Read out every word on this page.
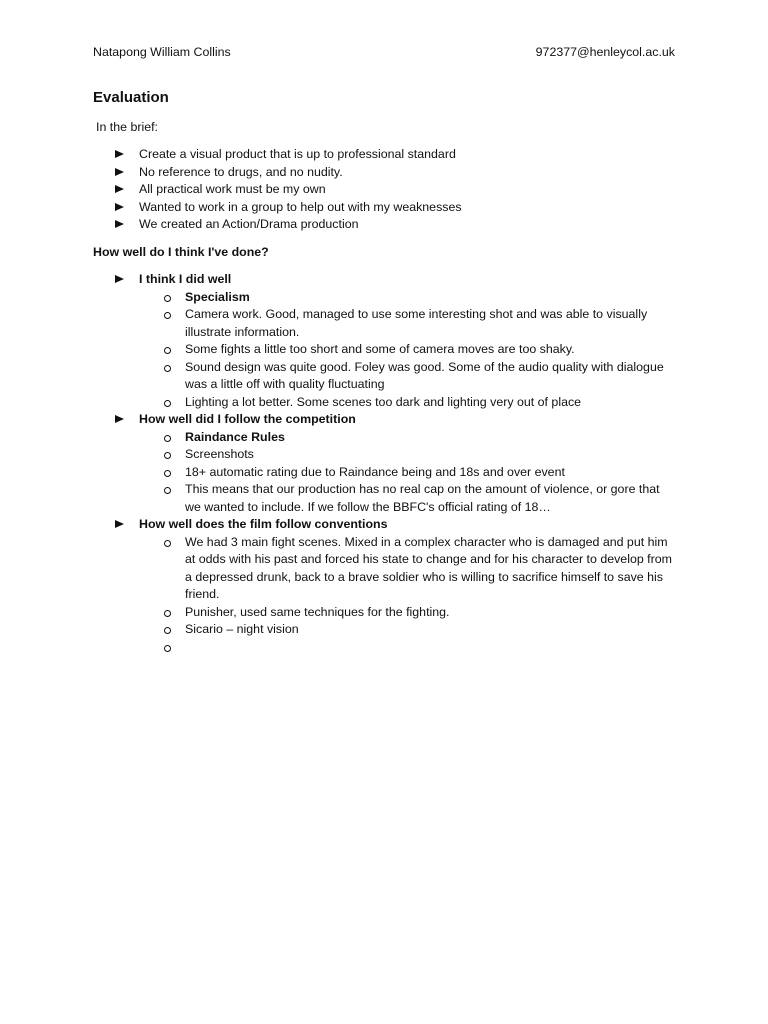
Natapong William Collins	972377@henleycol.ac.uk
Evaluation
In the brief:
Create a visual product that is up to professional standard
No reference to drugs, and no nudity.
All practical work must be my own
Wanted to work in a group to help out with my weaknesses
We created an Action/Drama production
How well do I think I've done?
I think I did well
Specialism
Camera work. Good, managed to use some interesting shot and was able to visually illustrate information.
Some fights a little too short and some of camera moves are too shaky.
Sound design was quite good. Foley was good. Some of the audio quality with dialogue was a little off with quality fluctuating
Lighting a lot better. Some scenes too dark and lighting very out of place
How well did I follow the competition
Raindance Rules
Screenshots
18+ automatic rating due to Raindance being and 18s and over event
This means that our production has no real cap on the amount of violence, or gore that we wanted to include. If we follow the BBFC's official rating of 18…
How well does the film follow conventions
We had 3 main fight scenes. Mixed in a complex character who is damaged and put him at odds with his past and forced his state to change and for his character to develop from a depressed drunk, back to a brave soldier who is willing to sacrifice himself to save his friend.
Punisher, used same techniques for the fighting.
Sicario – night vision
